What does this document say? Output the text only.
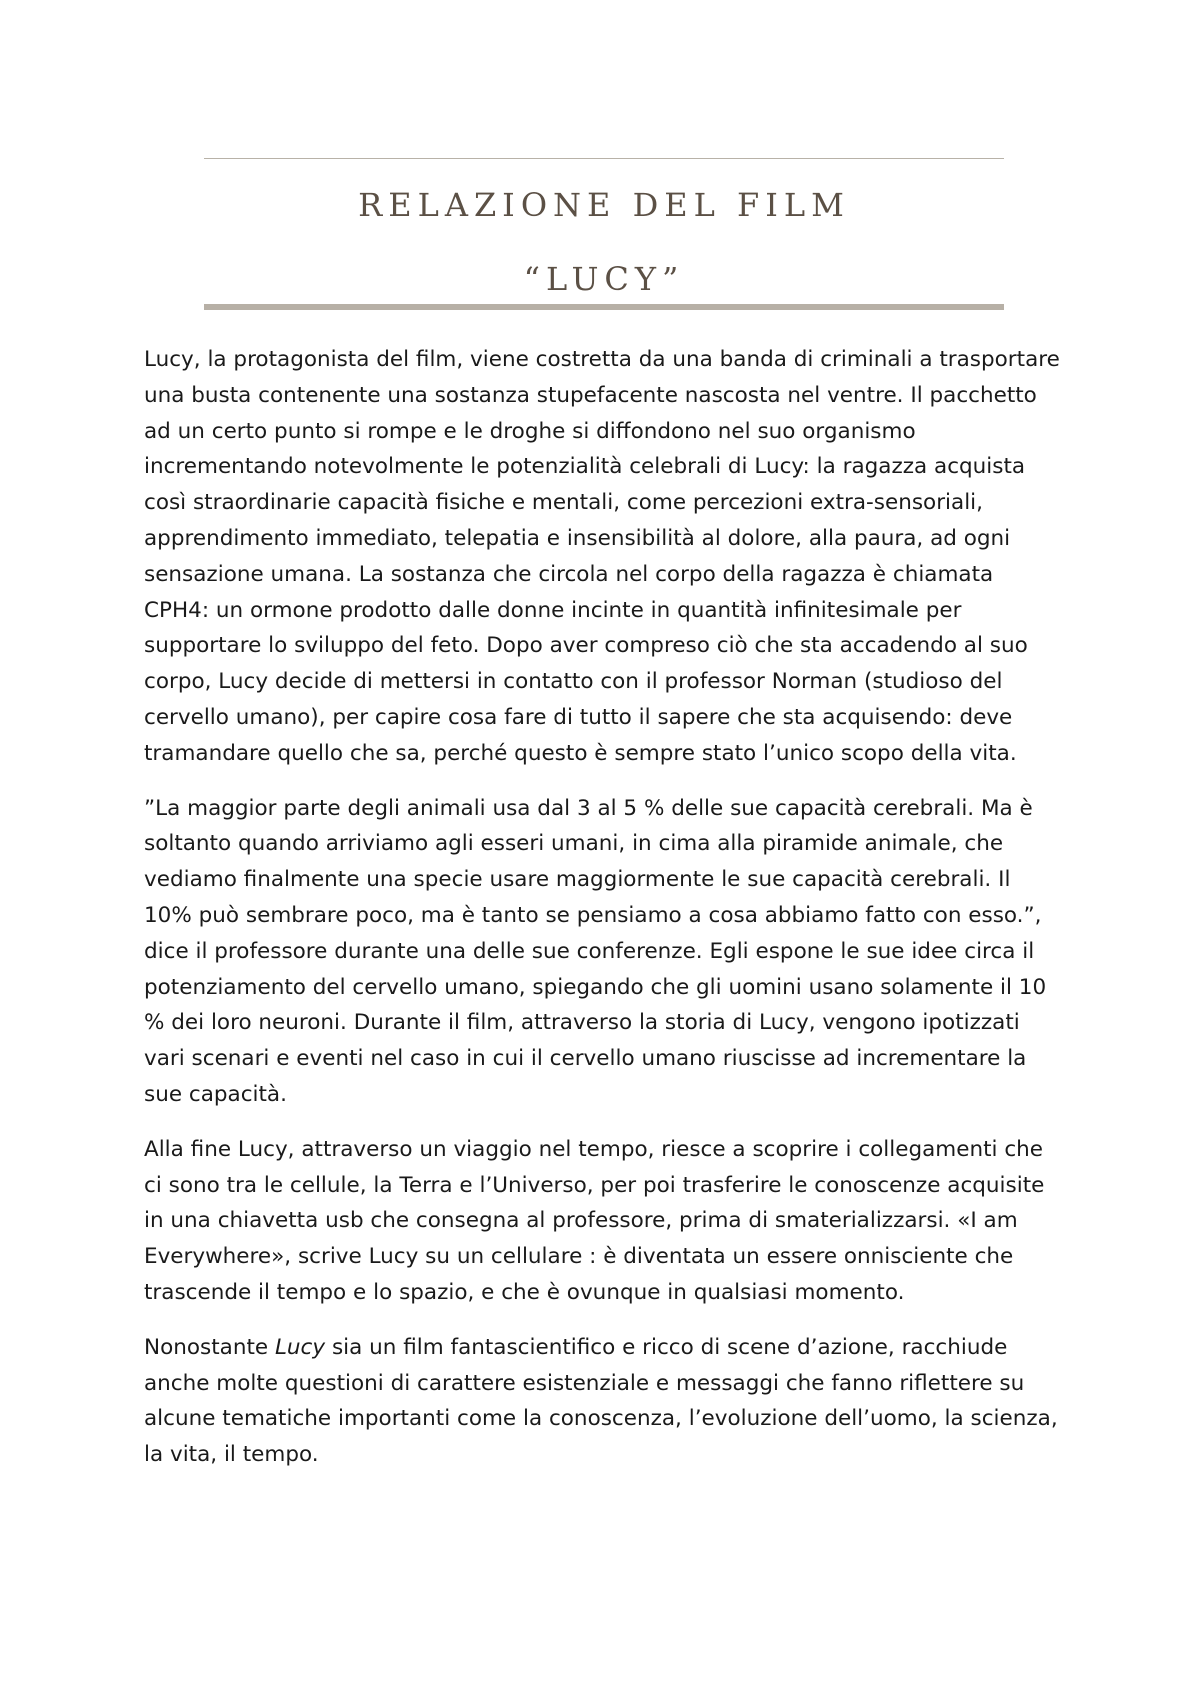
RELAZIONE DEL FILM
“LUCY”

Lucy, la protagonista del film, viene costretta da una banda di criminali a trasportare una busta contenente una sostanza stupefacente nascosta nel ventre. Il pacchetto ad un certo punto si rompe e le droghe si diffondono nel suo organismo incrementando notevolmente le potenzialità celebrali di Lucy: la ragazza acquista così straordinarie capacità fisiche e mentali, come percezioni extra-sensoriali, apprendimento immediato, telepatia e insensibilità al dolore, alla paura, ad ogni sensazione umana. La sostanza che circola nel corpo della ragazza è chiamata CPH4: un ormone prodotto dalle donne incinte in quantità infinitesimale per supportare lo sviluppo del feto. Dopo aver compreso ciò che sta accadendo al suo corpo, Lucy decide di mettersi in contatto con il professor Norman (studioso del cervello umano), per capire cosa fare di tutto il sapere che sta acquisendo: deve tramandare quello che sa, perché questo è sempre stato l’unico scopo della vita.

”La maggior parte degli animali usa dal 3 al 5 % delle sue capacità cerebrali. Ma è soltanto quando arriviamo agli esseri umani, in cima alla piramide animale, che vediamo finalmente una specie usare maggiormente le sue capacità cerebrali. Il 10% può sembrare poco, ma è tanto se pensiamo a cosa abbiamo fatto con esso.”, dice il professore durante una delle sue conferenze. Egli espone le sue idee circa il potenziamento del cervello umano, spiegando che gli uomini usano solamente il 10 % dei loro neuroni. Durante il film, attraverso la storia di Lucy, vengono ipotizzati vari scenari e eventi nel caso in cui il cervello umano riuscisse ad incrementare la sue capacità.

Alla fine Lucy, attraverso un viaggio nel tempo, riesce a scoprire i collegamenti che ci sono tra le cellule, la Terra e l’Universo, per poi trasferire le conoscenze acquisite in una chiavetta usb che consegna al professore, prima di smaterializzarsi. «I am Everywhere», scrive Lucy su un cellulare : è diventata un essere onnisciente che trascende il tempo e lo spazio, e che è ovunque in qualsiasi momento.

Nonostante Lucy sia un film fantascientifico e ricco di scene d’azione, racchiude anche molte questioni di carattere esistenziale e messaggi che fanno riflettere su alcune tematiche importanti come la conoscenza, l’evoluzione dell’uomo, la scienza, la vita, il tempo.
